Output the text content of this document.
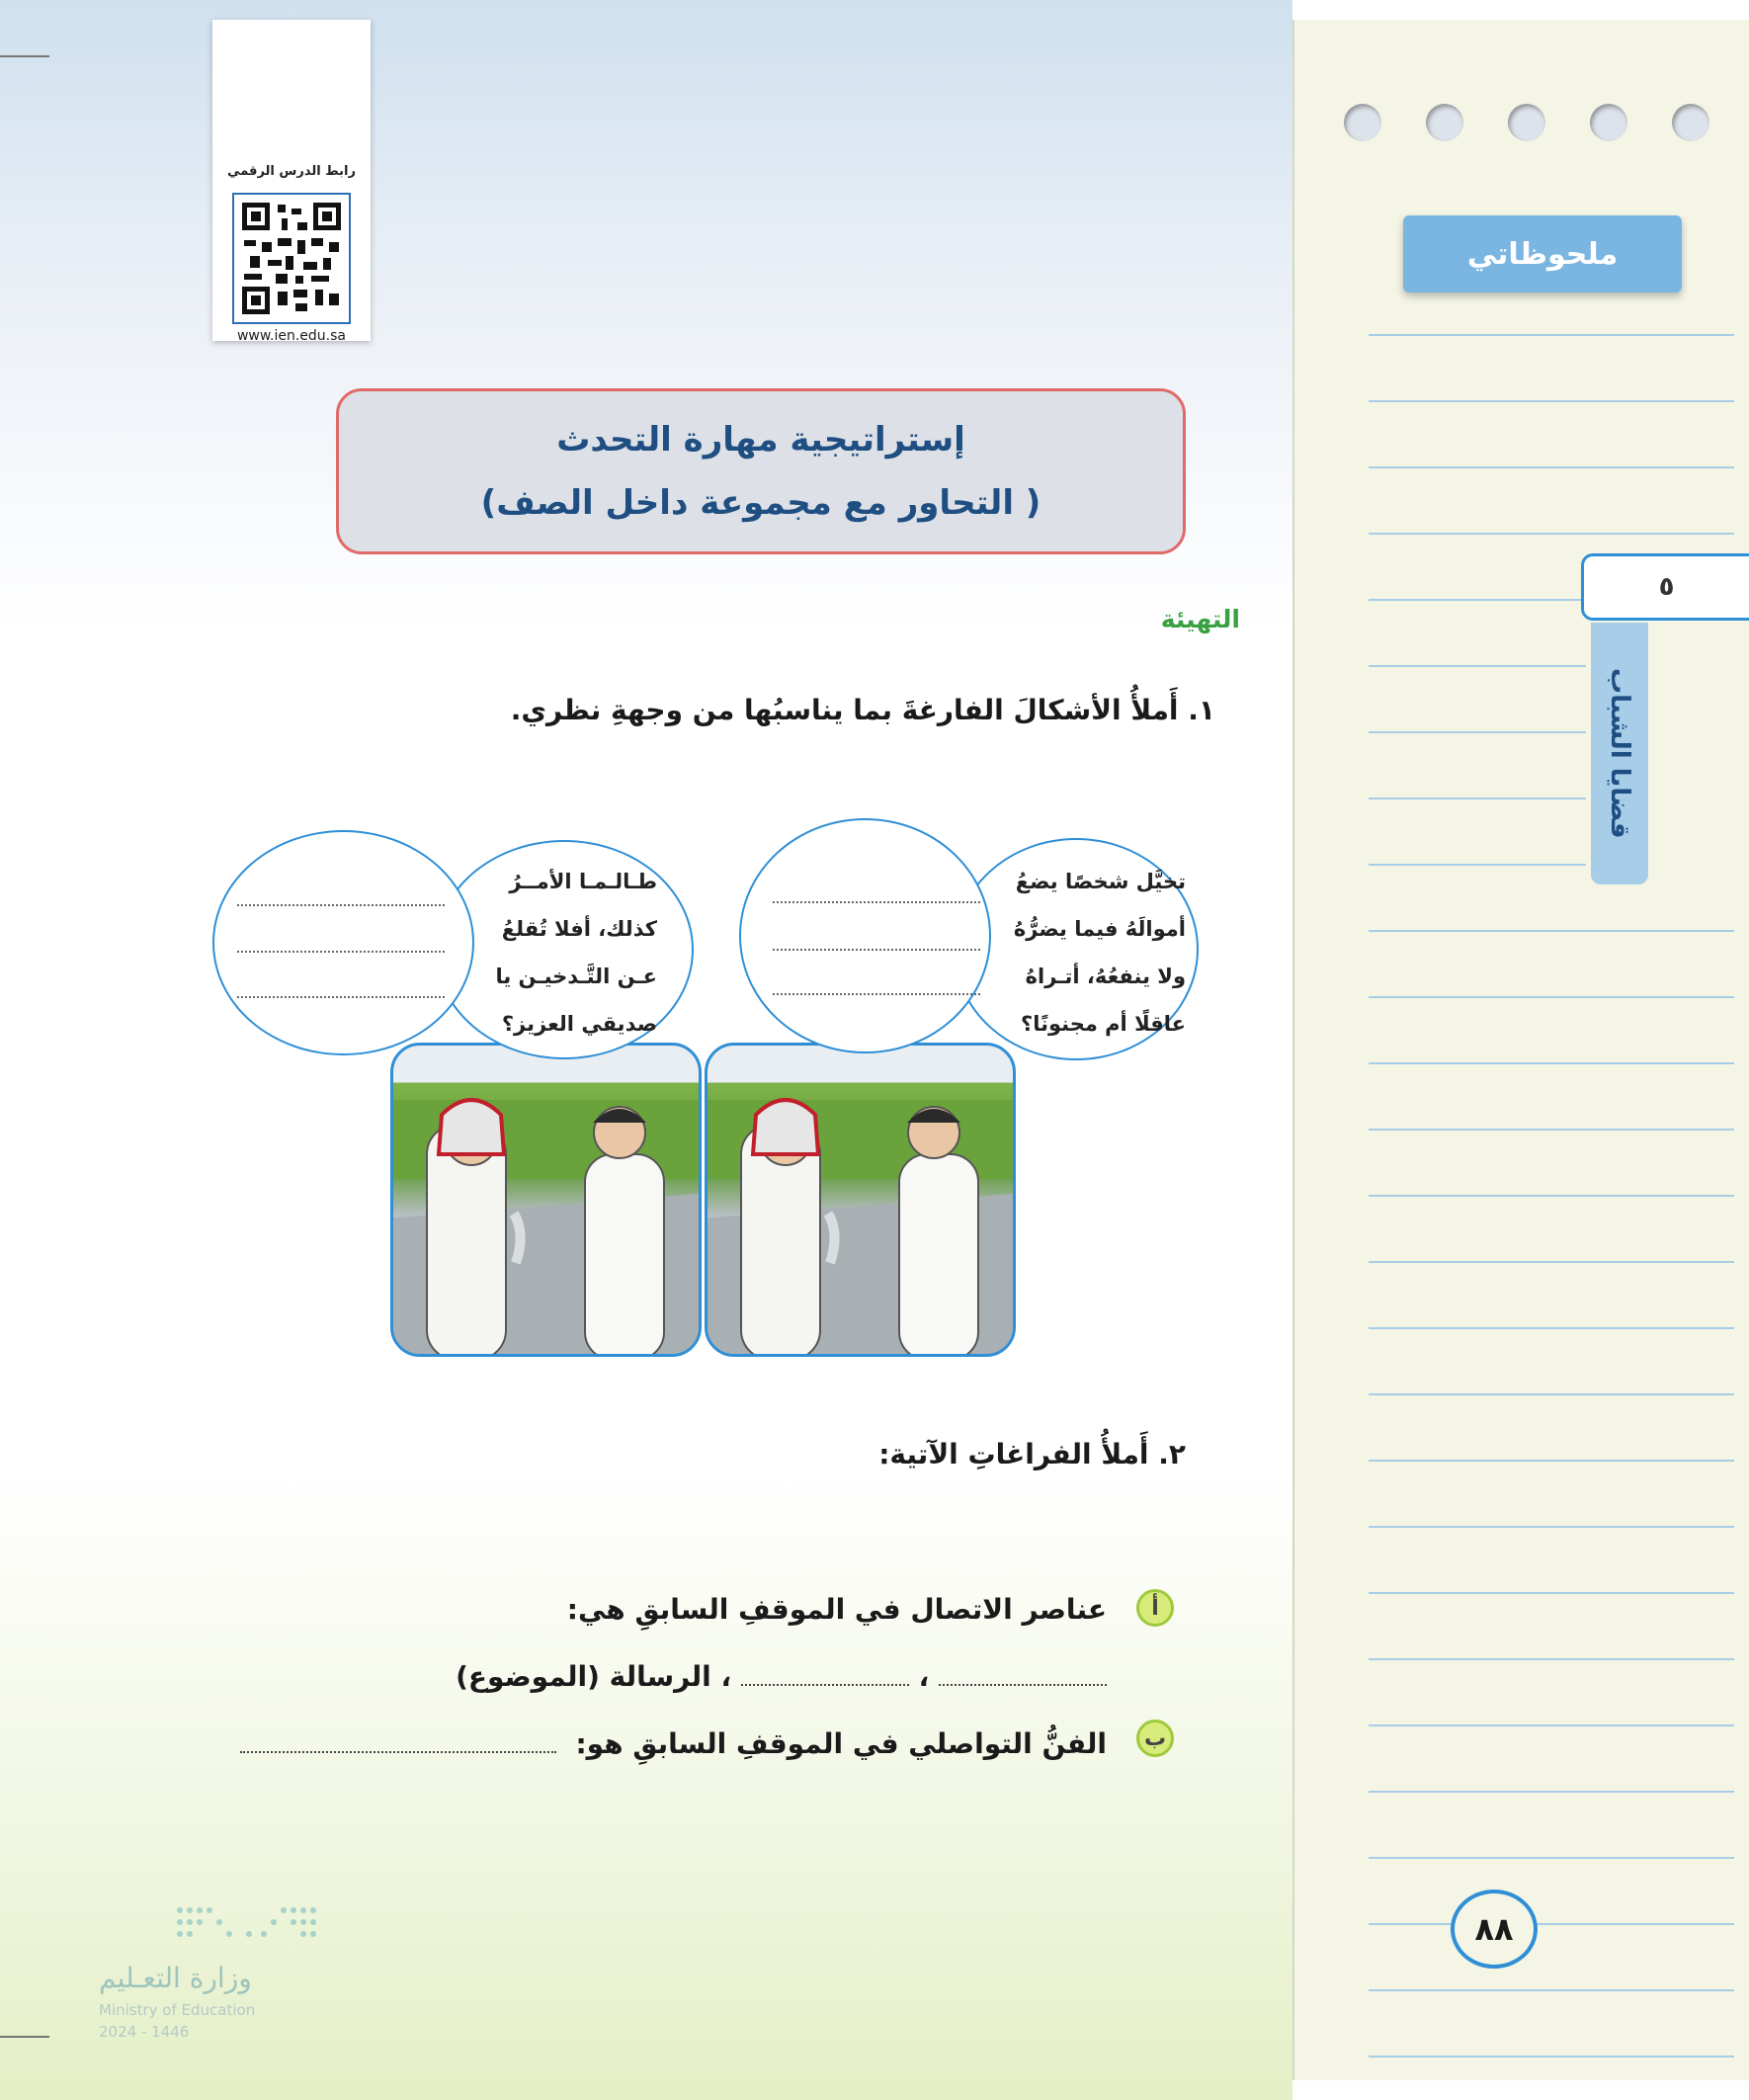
رابط الدرس الرقمي
www.ien.edu.sa
إستراتيجية مهارة التحدث
( التحاور مع مجموعة داخل الصف)
التهيئة
١. أَملأُ الأشكالَ الفارغةَ بما يناسبُها من وجهةِ نظري.
تخيَّل شخصًا يضعُ
أموالَهُ فيما يضرُّهُ
ولا ينفعُهُ، أتـراهُ
عاقلًا أم مجنونًا؟
طـالـمـا الأمــرُ
كذلك، أفلا تُقلعُ
عـن التَّـدخيـن يا
صديقي العزيز؟
٢. أَملأُ الفراغاتِ الآتية:
أ
عناصر الاتصال في الموقفِ السابقِ هي:
،  ، الرسالة (الموضوع)
ب
الفنُّ التواصلي في الموقفِ السابقِ هو:
وزارة التعـليم
Ministry of Education
2024 - 1446
ملحوظاتي
٥
قضايا الشباب
٨٨
